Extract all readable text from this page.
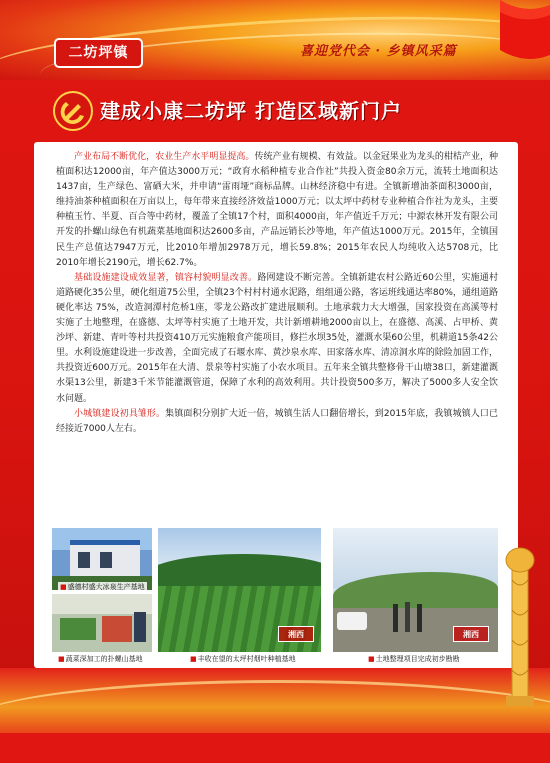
二坊坪镇	喜迎党代会 · 乡镇风采篇
建成小康二坊坪 打造区域新门户

产业布局不断优化，农业生产水平明显提高。传统产业有规模、有效益。以金冠果业为龙头的柑桔产业，种植面积达12000亩，年产值达3000万元；“政育水稻种植专业合作社”共投入资金80余万元，流转土地面积达1437亩，生产绿色、富硒大米，并申请“雷雨垭”商标品牌。山林经济稳中有进。全镇新增油茶面积3000亩，维持油茶种植面积在万亩以上，每年带来直接经济效益1000万元；以太坪中药材专业种植合作社为龙头，主要种植玉竹、半夏、百合等中药材，覆盖了全镇17个村，面积4000亩，年产值近千万元；中源农林开发有限公司开发的扑螺山绿色有机蔬菜基地面积达2600多亩，产品远销长沙等地，年产值达1000万元。2015年，全镇国民生产总值达7947万元，比2010年增加2978万元，增长59.8%；2015年农民人均纯收入达5708元，比2010年增长2190元，增长62.7%。

基础设施建设成效显著，镇容村貌明显改善。路网建设不断完善。全镇新建农村公路近60公里，实施通村道路硬化35公里，硬化组道75公里，全镇23个村村村通水泥路，组组通公路，客运班线通达率80%，通组道路硬化率达 75%，改造洞潭村危桥1座，零龙公路改扩建进展顺利。土地承载力大大增强，国家投资在高溪等村实施了土地整理，在盛德、太坪等村实施了土地开发，共计新增耕地2000亩以上，在盛德、高溪、占甲桥、黄沙坪、新建、青叶等村共投资410万元实施粮食产能项目，修拦水坝35处，灌溉水渠60公里，机耕道15条42公里。水利设施建设进一步改善，全面完成了石堰水库、黄沙泉水库、田家落水库、清凉洞水库的除险加固工作，共投资近600万元。2015年在大清、景泉等村实施了小农水项目。五年来全镇共整修骨干山塘38口，新建灌溉水渠13公里，新建3千米节能灌溉管道，保障了水利的高效利用。共计投资500多万，解决了5000多人安全饮水问题。

小城镇建设初具雏形。集镇面积分别扩大近一倍，城镇生活人口翻倍增长，到2015年底，我镇城镇人口已经接近7000人左右。

■盛德村盛大冰泉生产基地
■蔬菜深加工的扑螺山基地
湘西
■丰收在望的太坪村烟叶种植基地
湘西
■土地整理项目完成初步勘勘
